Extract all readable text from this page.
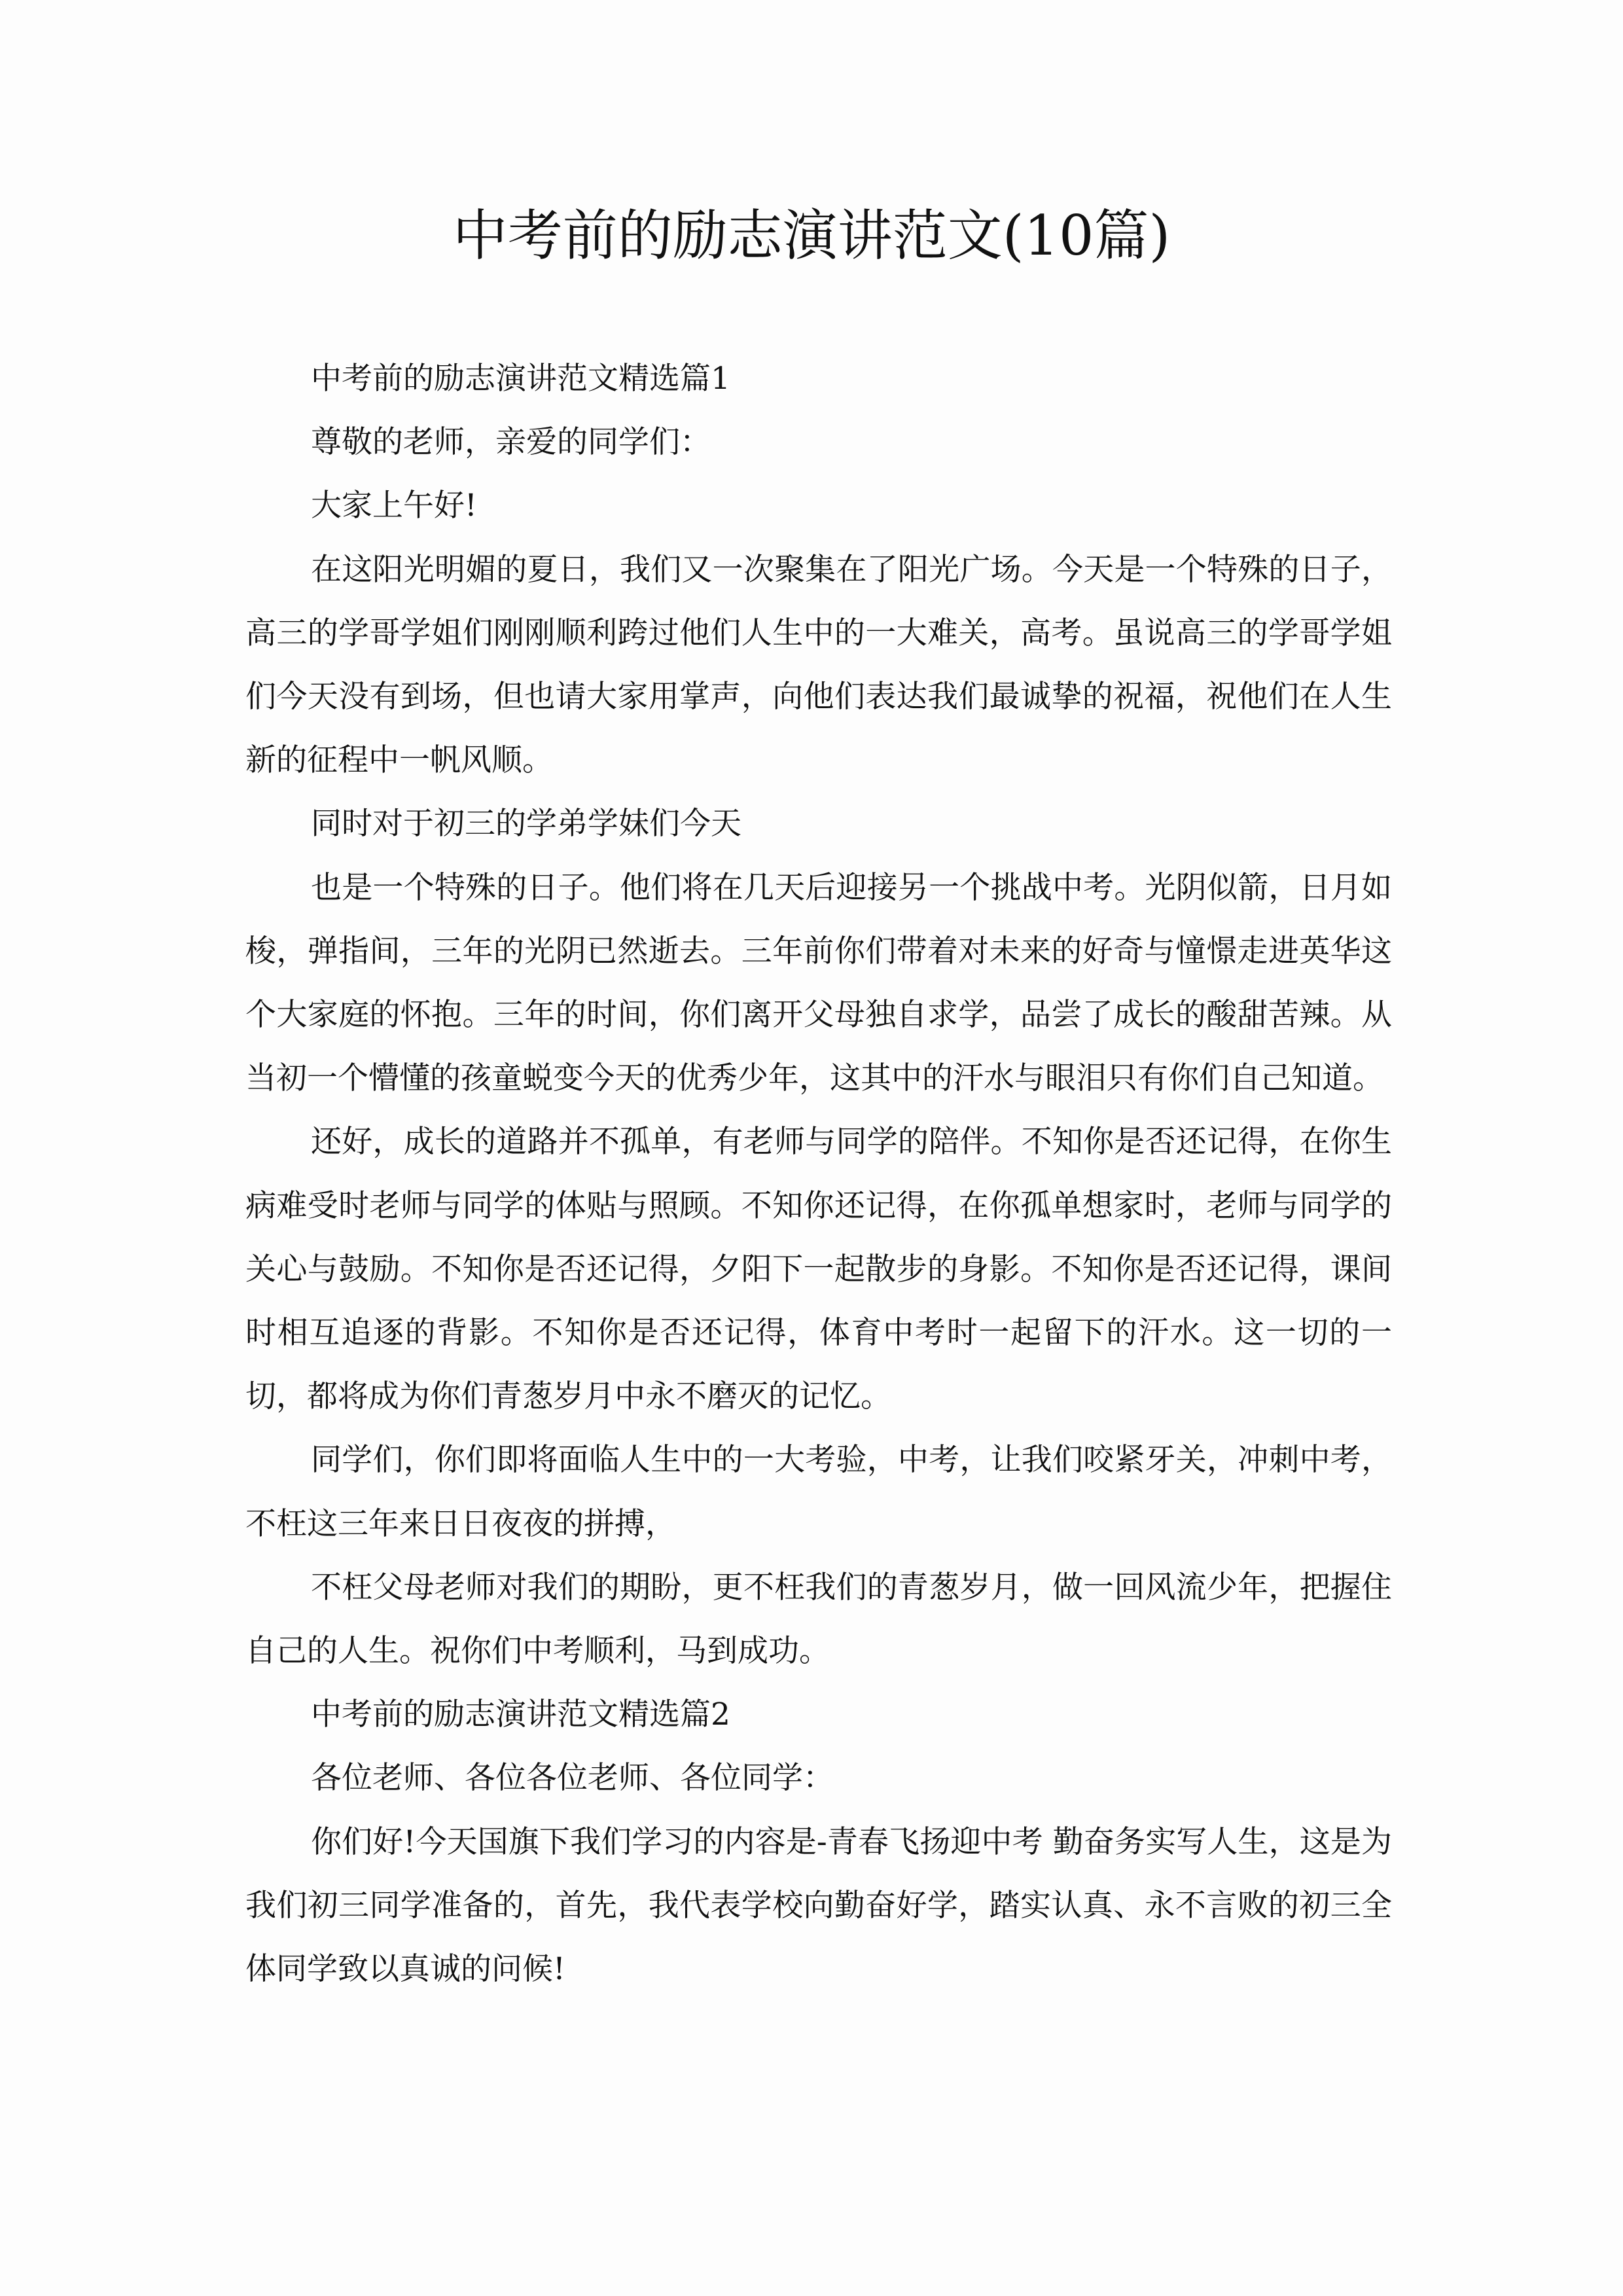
中考前的励志演讲范文(10篇)

中考前的励志演讲范文精选篇1

尊敬的老师，亲爱的同学们：

大家上午好!

在这阳光明媚的夏日，我们又一次聚集在了阳光广场。今天是一个特殊的日子，高三的学哥学姐们刚刚顺利跨过他们人生中的一大难关，高考。虽说高三的学哥学姐们今天没有到场，但也请大家用掌声，向他们表达我们最诚挚的祝福，祝他们在人生新的征程中一帆风顺。

同时对于初三的学弟学妹们今天

也是一个特殊的日子。他们将在几天后迎接另一个挑战中考。光阴似箭，日月如梭，弹指间，三年的光阴已然逝去。三年前你们带着对未来的好奇与憧憬走进英华这个大家庭的怀抱。三年的时间，你们离开父母独自求学，品尝了成长的酸甜苦辣。从当初一个懵懂的孩童蜕变今天的优秀少年，这其中的汗水与眼泪只有你们自己知道。

还好，成长的道路并不孤单，有老师与同学的陪伴。不知你是否还记得，在你生病难受时老师与同学的体贴与照顾。不知你还记得，在你孤单想家时，老师与同学的关心与鼓励。不知你是否还记得，夕阳下一起散步的身影。不知你是否还记得，课间时相互追逐的背影。不知你是否还记得，体育中考时一起留下的汗水。这一切的一切，都将成为你们青葱岁月中永不磨灭的记忆。

同学们，你们即将面临人生中的一大考验，中考，让我们咬紧牙关，冲刺中考，不枉这三年来日日夜夜的拼搏，

不枉父母老师对我们的期盼，更不枉我们的青葱岁月，做一回风流少年，把握住自己的人生。祝你们中考顺利，马到成功。

中考前的励志演讲范文精选篇2

各位老师、各位各位老师、各位同学：

你们好!今天国旗下我们学习的内容是-青春飞扬迎中考 勤奋务实写人生，这是为我们初三同学准备的，首先，我代表学校向勤奋好学，踏实认真、永不言败的初三全体同学致以真诚的问候!
